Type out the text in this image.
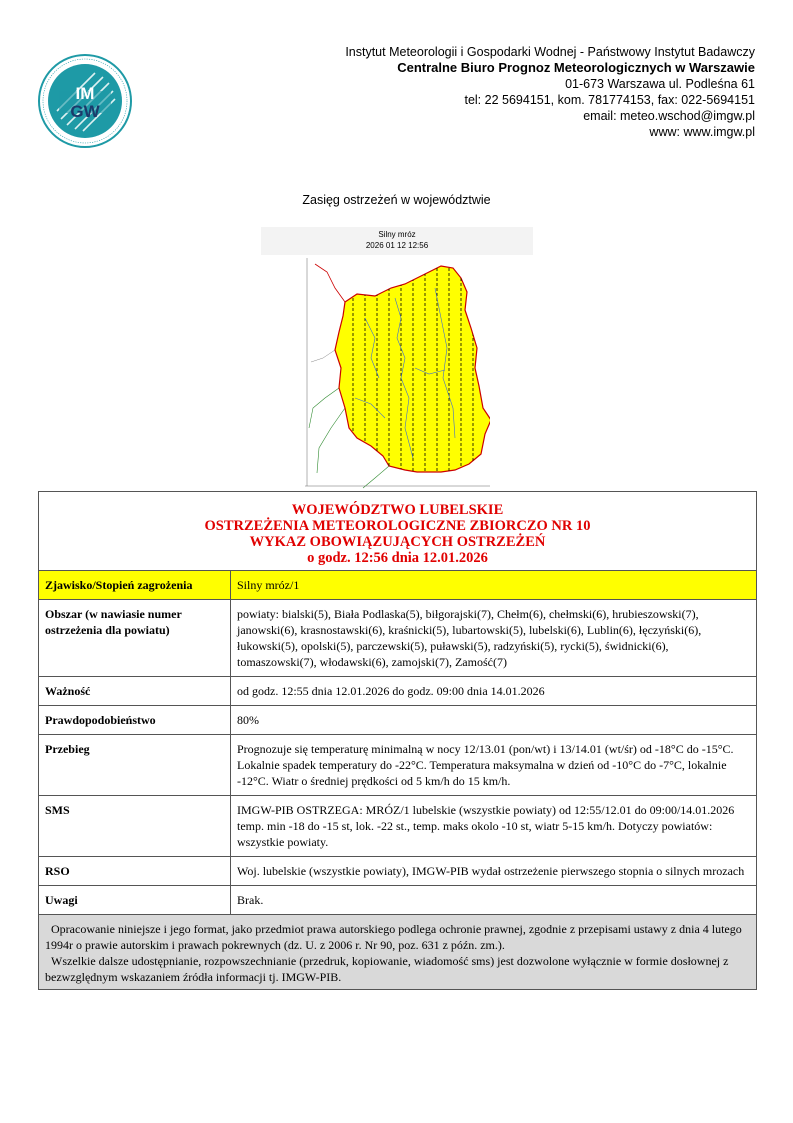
IM
GW
Instytut Meteorologii i Gospodarki Wodnej - Państwowy Instytut Badawczy
Centralne Biuro Prognoz Meteorologicznych w Warszawie
01-673 Warszawa ul. Podleśna 61
tel: 22 5694151, kom. 781774153, fax: 022-5694151
email: meteo.wschod@imgw.pl
www: www.imgw.pl
Zasięg ostrzeżeń w województwie
Silny mróz
2026 01 12 12:56
WOJEWÓDZTWO LUBELSKIE
OSTRZEŻENIA METEOROLOGICZNE ZBIORCZO NR 10
WYKAZ OBOWIĄZUJĄCYCH OSTRZEŻEŃ
o godz. 12:56 dnia 12.01.2026	

Zjawisko/Stopień zagrożenia	Silny mróz/1
Obszar (w nawiasie numer ostrzeżenia dla powiatu)	powiaty: bialski(5), Biała Podlaska(5), biłgorajski(7), Chełm(6), chełmski(6), hrubieszowski(7), janowski(6), krasnostawski(6), kraśnicki(5), lubartowski(5), lubelski(6), Lublin(6), łęczyński(6), łukowski(5), opolski(5), parczewski(5), puławski(5), radzyński(5), rycki(5), świdnicki(6), tomaszowski(7), włodawski(6), zamojski(7), Zamość(7)
Ważność	od godz. 12:55 dnia 12.01.2026 do godz. 09:00 dnia 14.01.2026
Prawdopodobieństwo	80%
Przebieg	Prognozuje się temperaturę minimalną w nocy 12/13.01 (pon/wt) i 13/14.01 (wt/śr) od -18°C do -15°C. Lokalnie spadek temperatury do -22°C. Temperatura maksymalna w dzień od -10°C do -7°C, lokalnie -12°C. Wiatr o średniej prędkości od 5 km/h do 15 km/h.
SMS	IMGW-PIB OSTRZEGA: MRÓZ/1 lubelskie (wszystkie powiaty) od 12:55/12.01 do 09:00/14.01.2026 temp. min -18 do -15 st, lok. -22 st., temp. maks okolo -10 st, wiatr 5-15 km/h. Dotyczy powiatów: wszystkie powiaty.
RSO	Woj. lubelskie (wszystkie powiaty), IMGW-PIB wydał ostrzeżenie pierwszego stopnia o silnych mrozach
Uwagi	Brak.

Opracowanie niniejsze i jego format, jako przedmiot prawa autorskiego podlega ochronie prawnej, zgodnie z przepisami ustawy z dnia 4 lutego 1994r o prawie autorskim i prawach pokrewnych (dz. U. z 2006 r. Nr 90, poz. 631 z późn. zm.).
Wszelkie dalsze udostępnianie, rozpowszechnianie (przedruk, kopiowanie, wiadomość sms) jest dozwolone wyłącznie w formie dosłownej z bezwzględnym wskazaniem źródła informacji tj. IMGW-PIB.	
